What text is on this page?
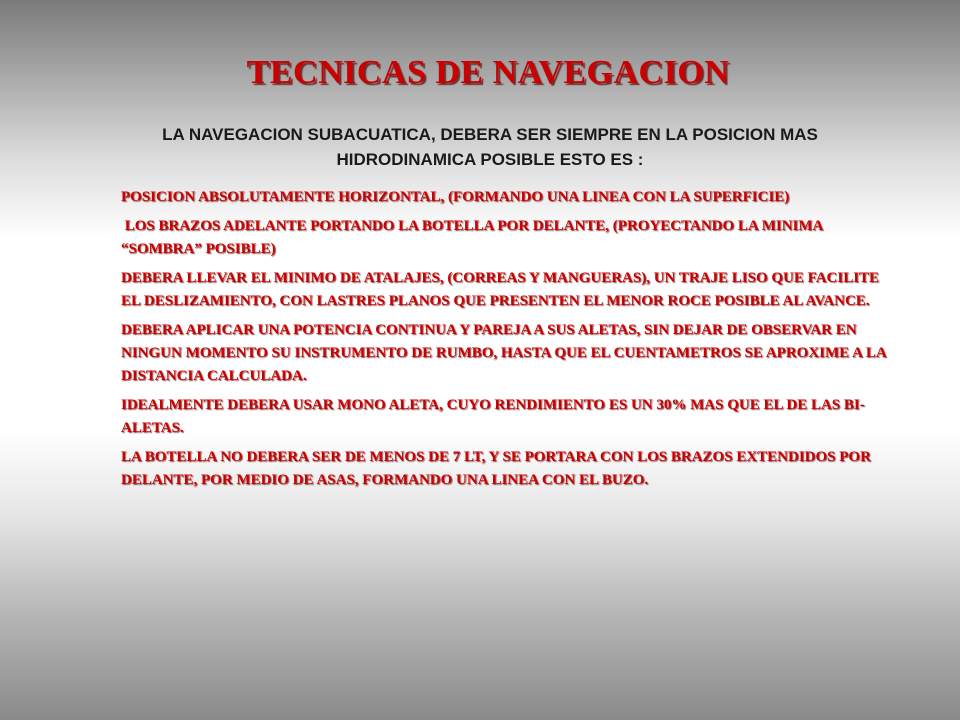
TECNICAS DE NAVEGACION
LA NAVEGACION SUBACUATICA, DEBERA SER SIEMPRE EN LA POSICION MAS HIDRODINAMICA POSIBLE ESTO ES :
POSICION ABSOLUTAMENTE HORIZONTAL, (FORMANDO UNA LINEA CON LA SUPERFICIE)
LOS BRAZOS ADELANTE PORTANDO LA BOTELLA POR DELANTE, (PROYECTANDO LA MINIMA “SOMBRA” POSIBLE)
DEBERA LLEVAR EL MINIMO DE ATALAJES, (CORREAS Y MANGUERAS), UN TRAJE LISO QUE FACILITE EL DESLIZAMIENTO, CON LASTRES PLANOS QUE PRESENTEN EL MENOR ROCE POSIBLE AL AVANCE.
DEBERA APLICAR UNA POTENCIA CONTINUA Y PAREJA A SUS ALETAS, SIN DEJAR DE OBSERVAR EN NINGUN MOMENTO SU INSTRUMENTO DE RUMBO, HASTA QUE EL CUENTAMETROS SE APROXIME A LA DISTANCIA CALCULADA.
IDEALMENTE DEBERA USAR MONO ALETA, CUYO RENDIMIENTO ES UN 30% MAS QUE EL DE LAS BI-ALETAS.
LA BOTELLA NO DEBERA SER DE MENOS DE 7 LT, Y SE PORTARA CON LOS BRAZOS EXTENDIDOS POR DELANTE, POR MEDIO DE ASAS, FORMANDO UNA LINEA CON EL BUZO.
